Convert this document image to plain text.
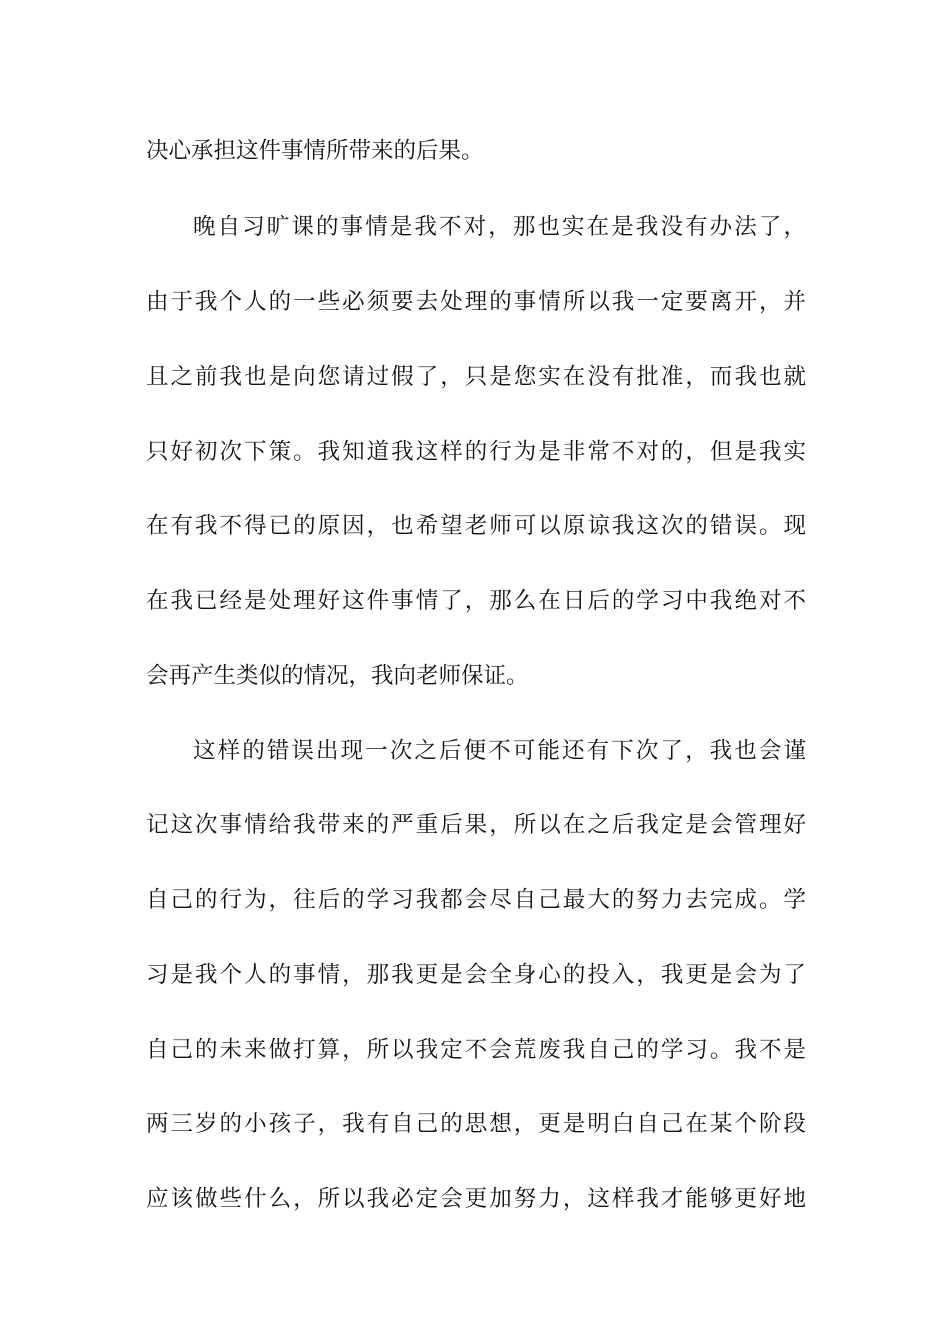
决心承担这件事情所带来的后果。
晚自习旷课的事情是我不对，那也实在是我没有办法了，
由于我个人的一些必须要去处理的事情所以我一定要离开，并
且之前我也是向您请过假了，只是您实在没有批准，而我也就
只好初次下策。我知道我这样的行为是非常不对的，但是我实
在有我不得已的原因，也希望老师可以原谅我这次的错误。现
在我已经是处理好这件事情了，那么在日后的学习中我绝对不
会再产生类似的情况，我向老师保证。
这样的错误出现一次之后便不可能还有下次了，我也会谨
记这次事情给我带来的严重后果，所以在之后我定是会管理好
自己的行为，往后的学习我都会尽自己最大的努力去完成。学
习是我个人的事情，那我更是会全身心的投入，我更是会为了
自己的未来做打算，所以我定不会荒废我自己的学习。我不是
两三岁的小孩子，我有自己的思想，更是明白自己在某个阶段
应该做些什么，所以我必定会更加努力，这样我才能够更好地
